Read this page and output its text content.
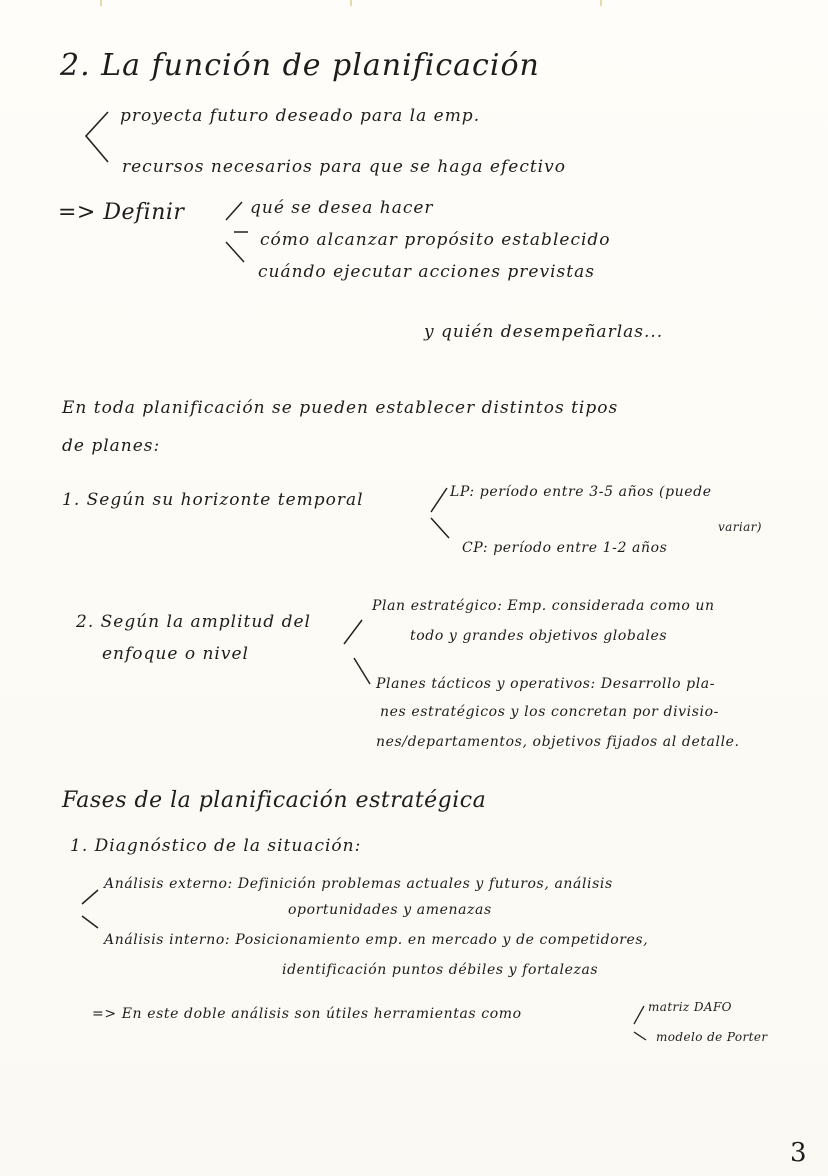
2. La función de planificación
proyecta futuro deseado para la emp.
recursos necesarios para que se haga efectivo
=> Definir	qué se desea hacer
cómo alcanzar propósito establecido
cuándo ejecutar acciones previstas
y quién desempeñarlas...
En toda planificación se pueden establecer distintos tipos
de planes:
1. Según su horizonte temporal	LP: período entre 3-5 años (puede
variar)
CP: período entre 1-2 años
2. Según la amplitud del
enfoque o nivel
Plan estratégico: Emp. considerada como un
todo y grandes objetivos globales
Planes tácticos y operativos: Desarrollo pla-
nes estratégicos y los concretan por divisio-
nes/departamentos, objetivos fijados al detalle.
Fases de la planificación estratégica
1. Diagnóstico de la situación:
Análisis externo: Definición problemas actuales y futuros, análisis
oportunidades y amenazas
Análisis interno: Posicionamiento emp. en mercado y de competidores,
identificación puntos débiles y fortalezas
=> En este doble análisis son útiles herramientas como	matriz DAFO
modelo de Porter
3
